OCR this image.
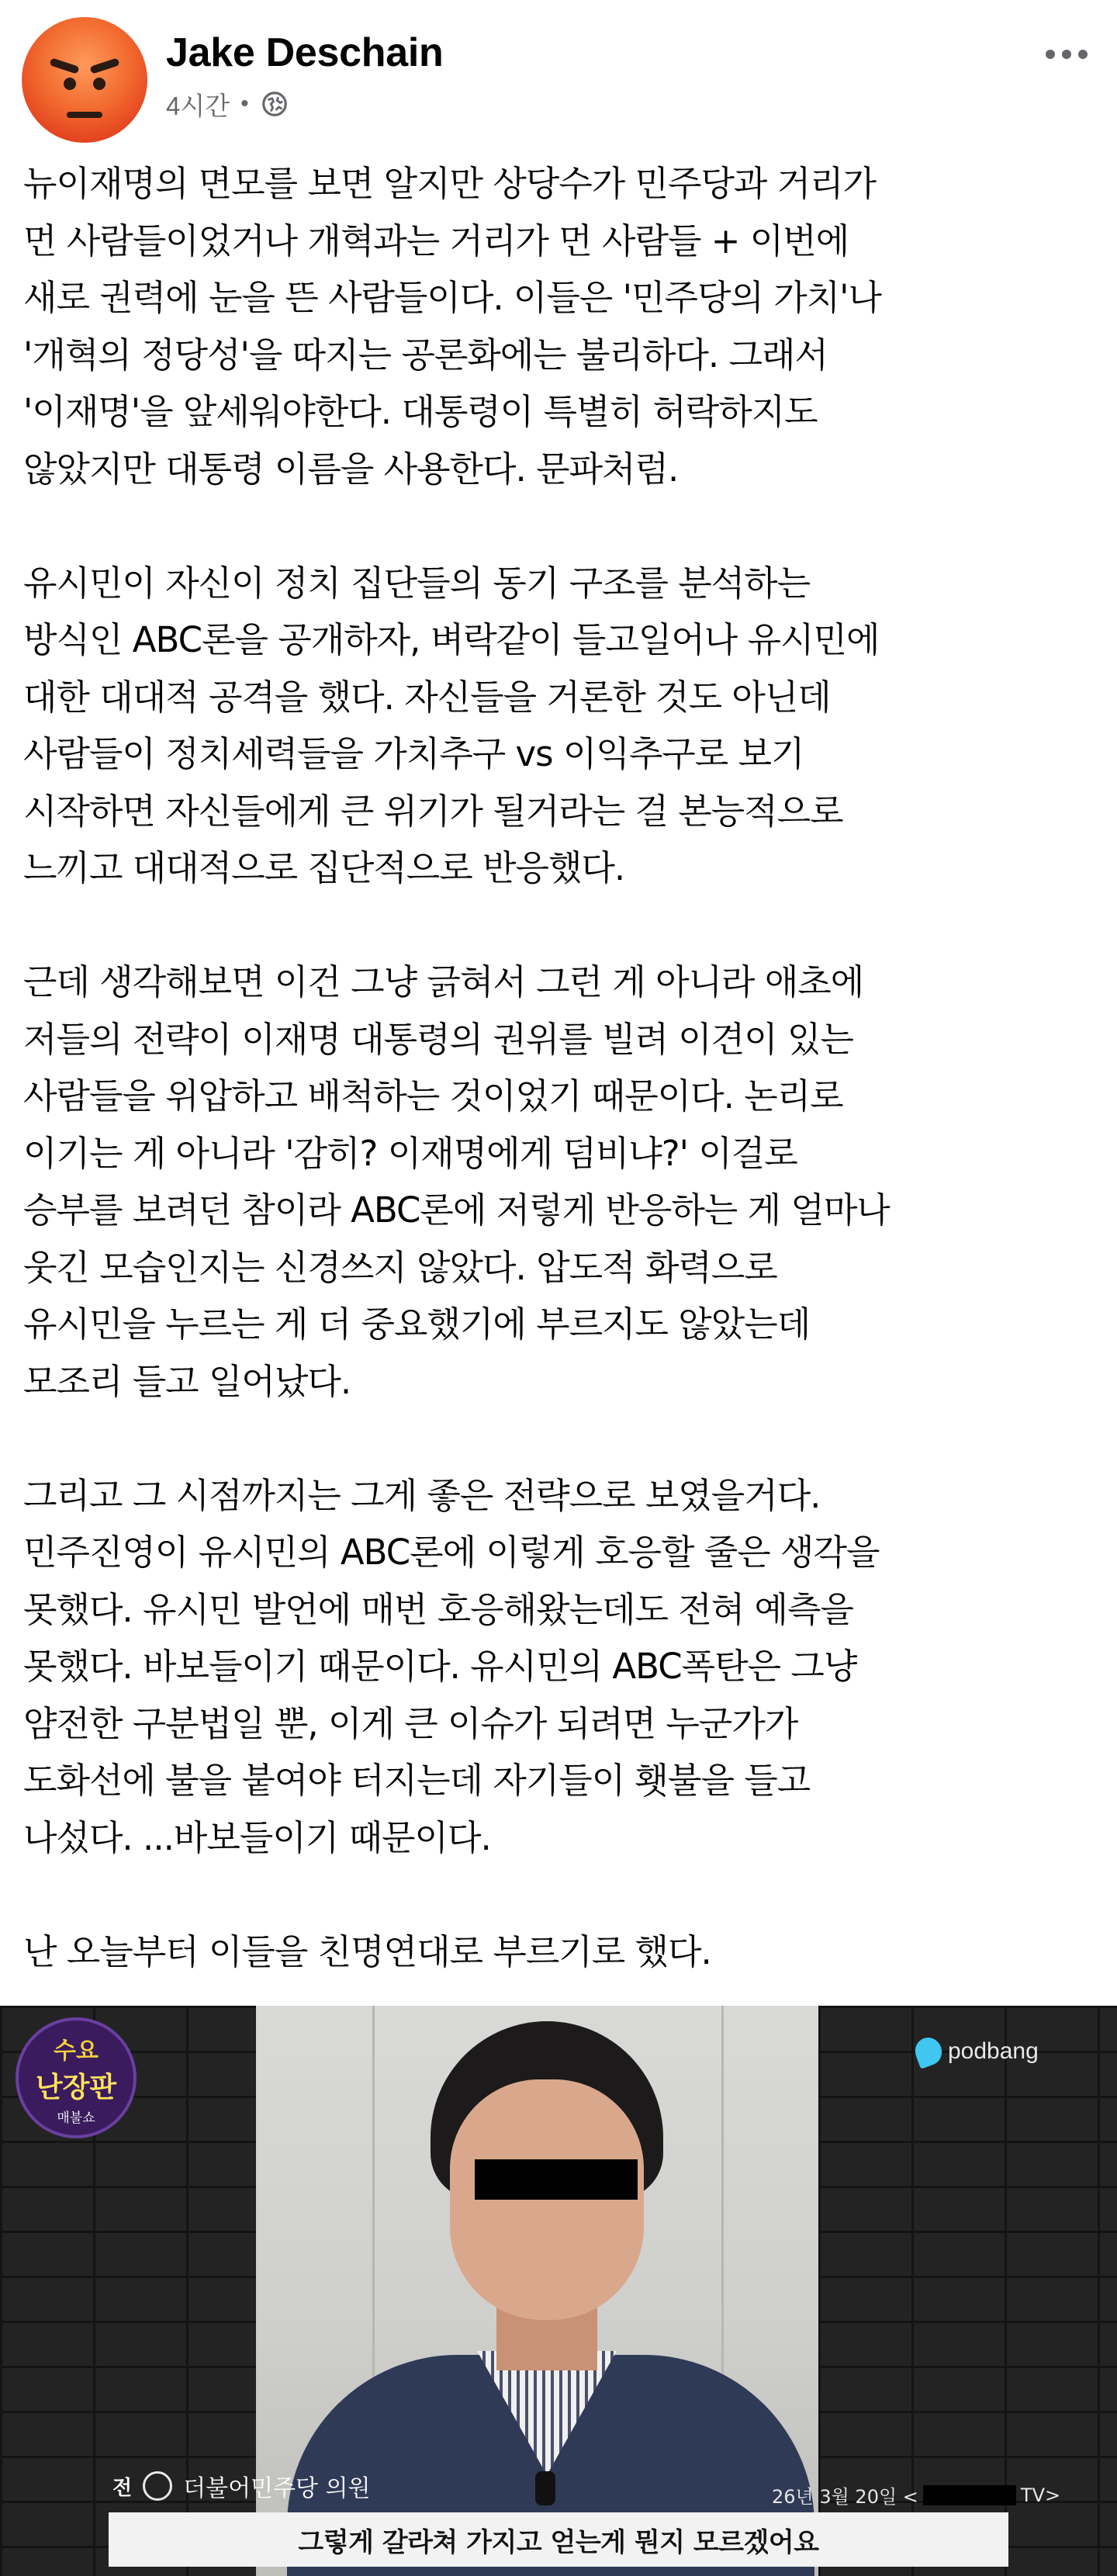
Jake Deschain
4시간 •
뉴이재명의 면모를 보면 알지만 상당수가 민주당과 거리가
먼 사람들이었거나 개혁과는 거리가 먼 사람들 + 이번에
새로 권력에 눈을 뜬 사람들이다. 이들은 '민주당의 가치'나
'개혁의 정당성'을 따지는 공론화에는 불리하다. 그래서
'이재명'을 앞세워야한다. 대통령이 특별히 허락하지도
않았지만 대통령 이름을 사용한다. 문파처럼.
유시민이 자신이 정치 집단들의 동기 구조를 분석하는
방식인 ABC론을 공개하자, 벼락같이 들고일어나 유시민에
대한 대대적 공격을 했다. 자신들을 거론한 것도 아닌데
사람들이 정치세력들을 가치추구 vs 이익추구로 보기
시작하면 자신들에게 큰 위기가 될거라는 걸 본능적으로
느끼고 대대적으로 집단적으로 반응했다.
근데 생각해보면 이건 그냥 긁혀서 그런 게 아니라 애초에
저들의 전략이 이재명 대통령의 권위를 빌려 이견이 있는
사람들을 위압하고 배척하는 것이었기 때문이다. 논리로
이기는 게 아니라 '감히? 이재명에게 덤비냐?' 이걸로
승부를 보려던 참이라 ABC론에 저렇게 반응하는 게 얼마나
웃긴 모습인지는 신경쓰지 않았다. 압도적 화력으로
유시민을 누르는 게 더 중요했기에 부르지도 않았는데
모조리 들고 일어났다.
그리고 그 시점까지는 그게 좋은 전략으로 보였을거다.
민주진영이 유시민의 ABC론에 이렇게 호응할 줄은 생각을
못했다. 유시민 발언에 매번 호응해왔는데도 전혀 예측을
못했다. 바보들이기 때문이다. 유시민의 ABC폭탄은 그냥
얌전한 구분법일 뿐, 이게 큰 이슈가 되려면 누군가가
도화선에 불을 붙여야 터지는데 자기들이 횃불을 들고
나섰다. ...바보들이기 때문이다.
난 오늘부터 이들을 친명연대로 부르기로 했다.
수요
난장판
매불쇼
podbang
전 더불어민주당 의원	26년 3월 20일 <	TV>
그렇게 갈라쳐 가지고 얻는게 뭔지 모르겠어요
